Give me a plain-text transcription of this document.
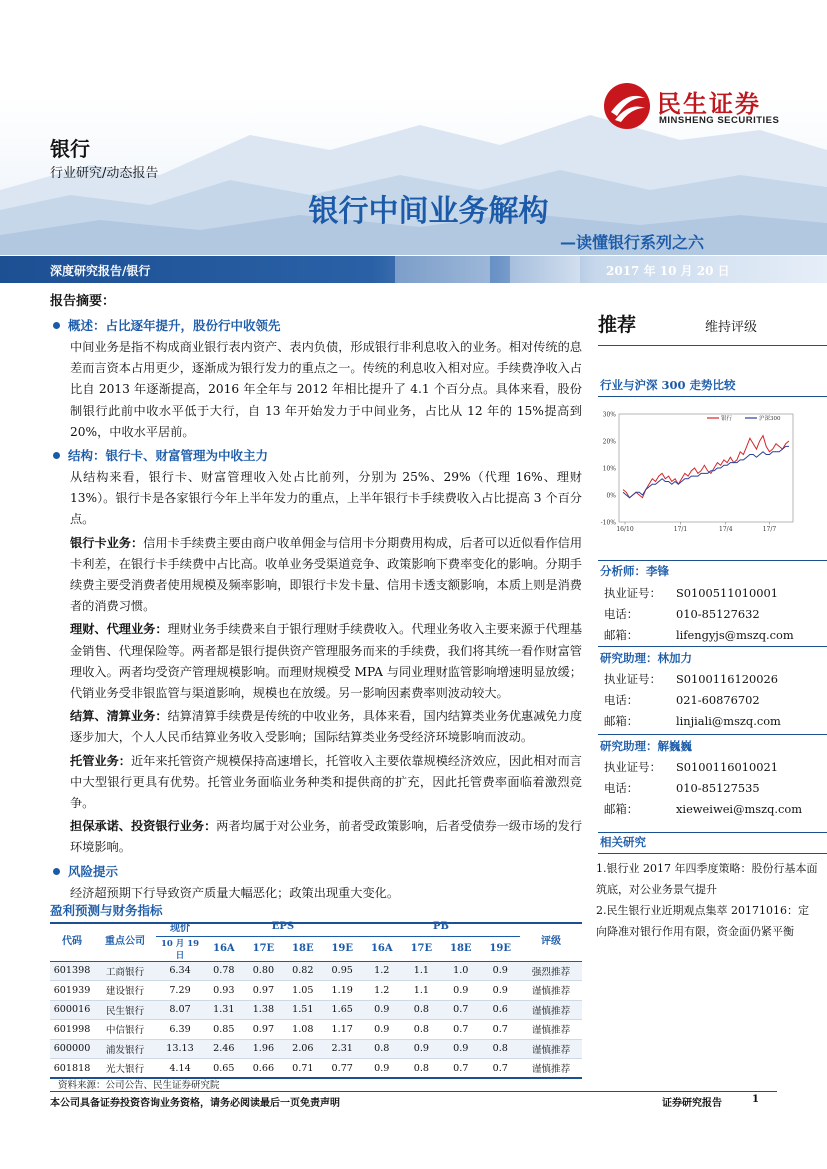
民生证券
MINSHENG SECURITIES
银行
行业研究/动态报告
银行中间业务解构
—读懂银行系列之六
深度研究报告/银行	2017 年 10 月 20 日
报告摘要：
概述：占比逐年提升，股份行中收领先
中间业务是指不构成商业银行表内资产、表内负债，形成银行非利息收入的业务。相对传统的息差而言资本占用更少，逐渐成为银行发力的重点之一。传统的利息收入相对应。手续费净收入占比自 2013 年逐渐提高，2016 年全年与 2012 年相比提升了 4.1 个百分点。具体来看，股份制银行此前中收水平低于大行，自 13 年开始发力于中间业务，占比从 12 年的 15%提高到 20%，中收水平居前。
结构：银行卡、财富管理为中收主力
从结构来看，银行卡、财富管理收入处占比前列，分别为 25%、29%（代理 16%、理财 13%）。银行卡是各家银行今年上半年发力的重点，上半年银行卡手续费收入占比提高 3 个百分点。
银行卡业务：信用卡手续费主要由商户收单佣金与信用卡分期费用构成，后者可以近似看作信用卡利差，在银行卡手续费中占比高。收单业务受渠道竞争、政策影响下费率变化的影响。分期手续费主要受消费者使用规模及频率影响，即银行卡发卡量、信用卡透支额影响，本质上则是消费者的消费习惯。
理财、代理业务：理财业务手续费来自于银行理财手续费收入。代理业务收入主要来源于代理基金销售、代理保险等。两者都是银行提供资产管理服务而来的手续费，我们将其统一看作财富管理收入。两者均受资产管理规模影响。而理财规模受 MPA 与同业理财监管影响增速明显放缓；代销业务受非银监管与渠道影响，规模也在放缓。另一影响因素费率则波动较大。
结算、清算业务：结算清算手续费是传统的中收业务，具体来看，国内结算类业务优惠减免力度逐步加大，个人人民币结算业务收入受影响；国际结算类业务受经济环境影响而波动。
托管业务：近年来托管资产规模保持高速增长，托管收入主要依靠规模经济效应，因此相对而言中大型银行更具有优势。托管业务面临业务种类和提供商的扩充，因此托管费率面临着激烈竞争。
担保承诺、投资银行业务：两者均属于对公业务，前者受政策影响，后者受债券一级市场的发行环境影响。
风险提示
经济超预期下行导致资产质量大幅恶化；政策出现重大变化。
盈利预测与财务指标
代码	重点公司	现价	EPS				PB				评级
		10 月 19 日	16A	17E	18E	19E	16A	17E	18E	19E	
601398	工商银行	6.34	0.78	0.80	0.82	0.95	1.2	1.1	1.0	0.9	强烈推荐
601939	建设银行	7.29	0.93	0.97	1.05	1.19	1.2	1.1	0.9	0.9	谨慎推荐
600016	民生银行	8.07	1.31	1.38	1.51	1.65	0.9	0.8	0.7	0.6	谨慎推荐
601998	中信银行	6.39	0.85	0.97	1.08	1.17	0.9	0.8	0.7	0.7	谨慎推荐
600000	浦发银行	13.13	2.46	1.96	2.06	2.31	0.8	0.9	0.9	0.8	谨慎推荐
601818	光大银行	4.14	0.65	0.66	0.71	0.77	0.9	0.8	0.7	0.7	谨慎推荐
资料来源：公司公告、民生证券研究院
本公司具备证券投资咨询业务资格，请务必阅读最后一页免责声明	证券研究报告	1
推荐	维持评级
行业与沪深 300 走势比较
30%
20%
10%
0%
-10%
16/10	17/1	17/4	17/7
银行	沪深300
分析师：李锋
执业证号： S0100511010001
电话：	010-85127632
邮箱：	lifengyjs@mszq.com
研究助理：林加力
执业证号： S0100116120026
电话：	021-60876702
邮箱：	linjiali@mszq.com
研究助理：解巍巍
执业证号： S0100116010021
电话：	010-85127535
邮箱：	xieweiwei@mszq.com
相关研究
1.银行业 2017 年四季度策略：股份行基本面筑底，对公业务景气提升
2.民生银行业近期观点集萃 20171016：定向降准对银行作用有限，资金面仍紧平衡
